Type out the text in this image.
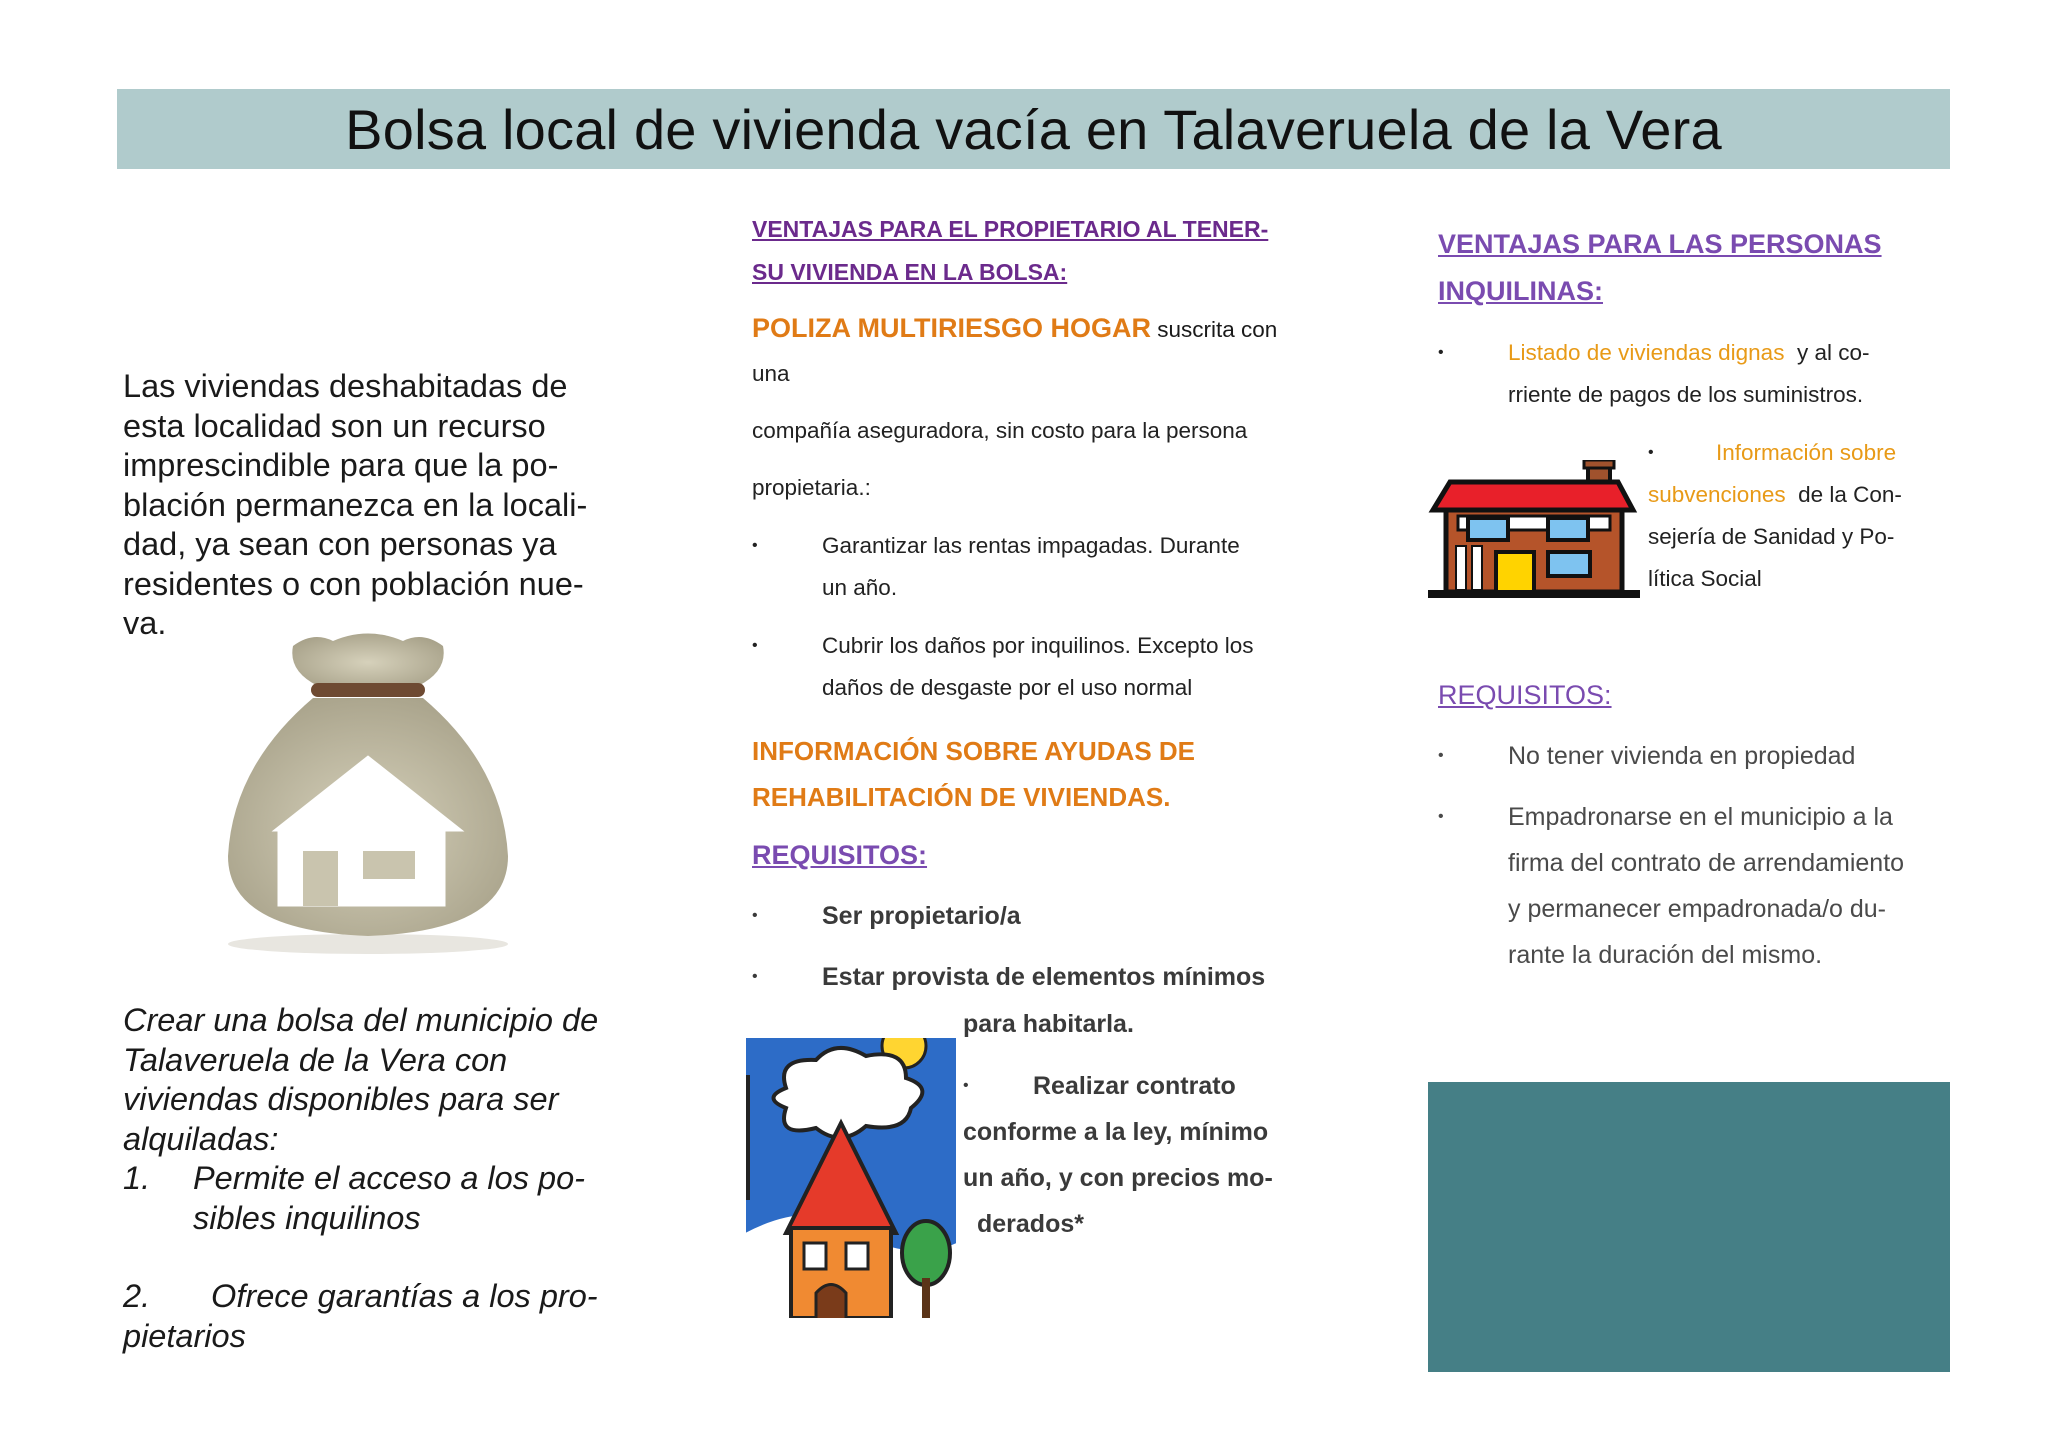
Bolsa local de vivienda vacía en Talaveruela de la Vera

Las viviendas deshabitadas de esta localidad son un recurso imprescindible para que la po-blación permanezca en la locali-dad, ya sean con personas ya residentes o con población nue-va.

Crear una bolsa del municipio de Talaveruela de la Vera con viviendas disponibles para ser alquiladas:
1.	Permite el acceso a los po-sibles inquilinos
2.	Ofrece garantías a los pro-
pietarios

VENTAJAS PARA EL PROPIETARIO AL TENER-

SU VIVIENDA EN LA BOLSA:

POLIZA MULTIRIESGO HOGAR suscrita con

una

compañía aseguradora, sin costo para la persona

propietaria.:

•	Garantizar las rentas impagadas. Durante
un año.
•	Cubrir los daños por inquilinos. Excepto los
daños de desgaste por el uso normal
INFORMACIÓN SOBRE AYUDAS DE
REHABILITACIÓN DE VIVIENDAS.

REQUISITOS:

•	Ser propietario/a
•	Estar provista de elementos mínimos
para habitarla.
•	Realizar contrato
conforme a la ley, mínimo
un año, y con precios mo-
derados*

VENTAJAS PARA LAS PERSONAS

INQUILINAS:

•	Listado de viviendas dignas  y al co-
rriente de pagos de los suministros.
•	Información sobre
subvenciones  de la Con-
sejería de Sanidad y Po-
lítica Social

REQUISITOS:

•	No tener vivienda en propiedad
•	Empadronarse en el municipio a la
firma del contrato de arrendamiento
y permanecer empadronada/o du-
rante la duración del mismo.
